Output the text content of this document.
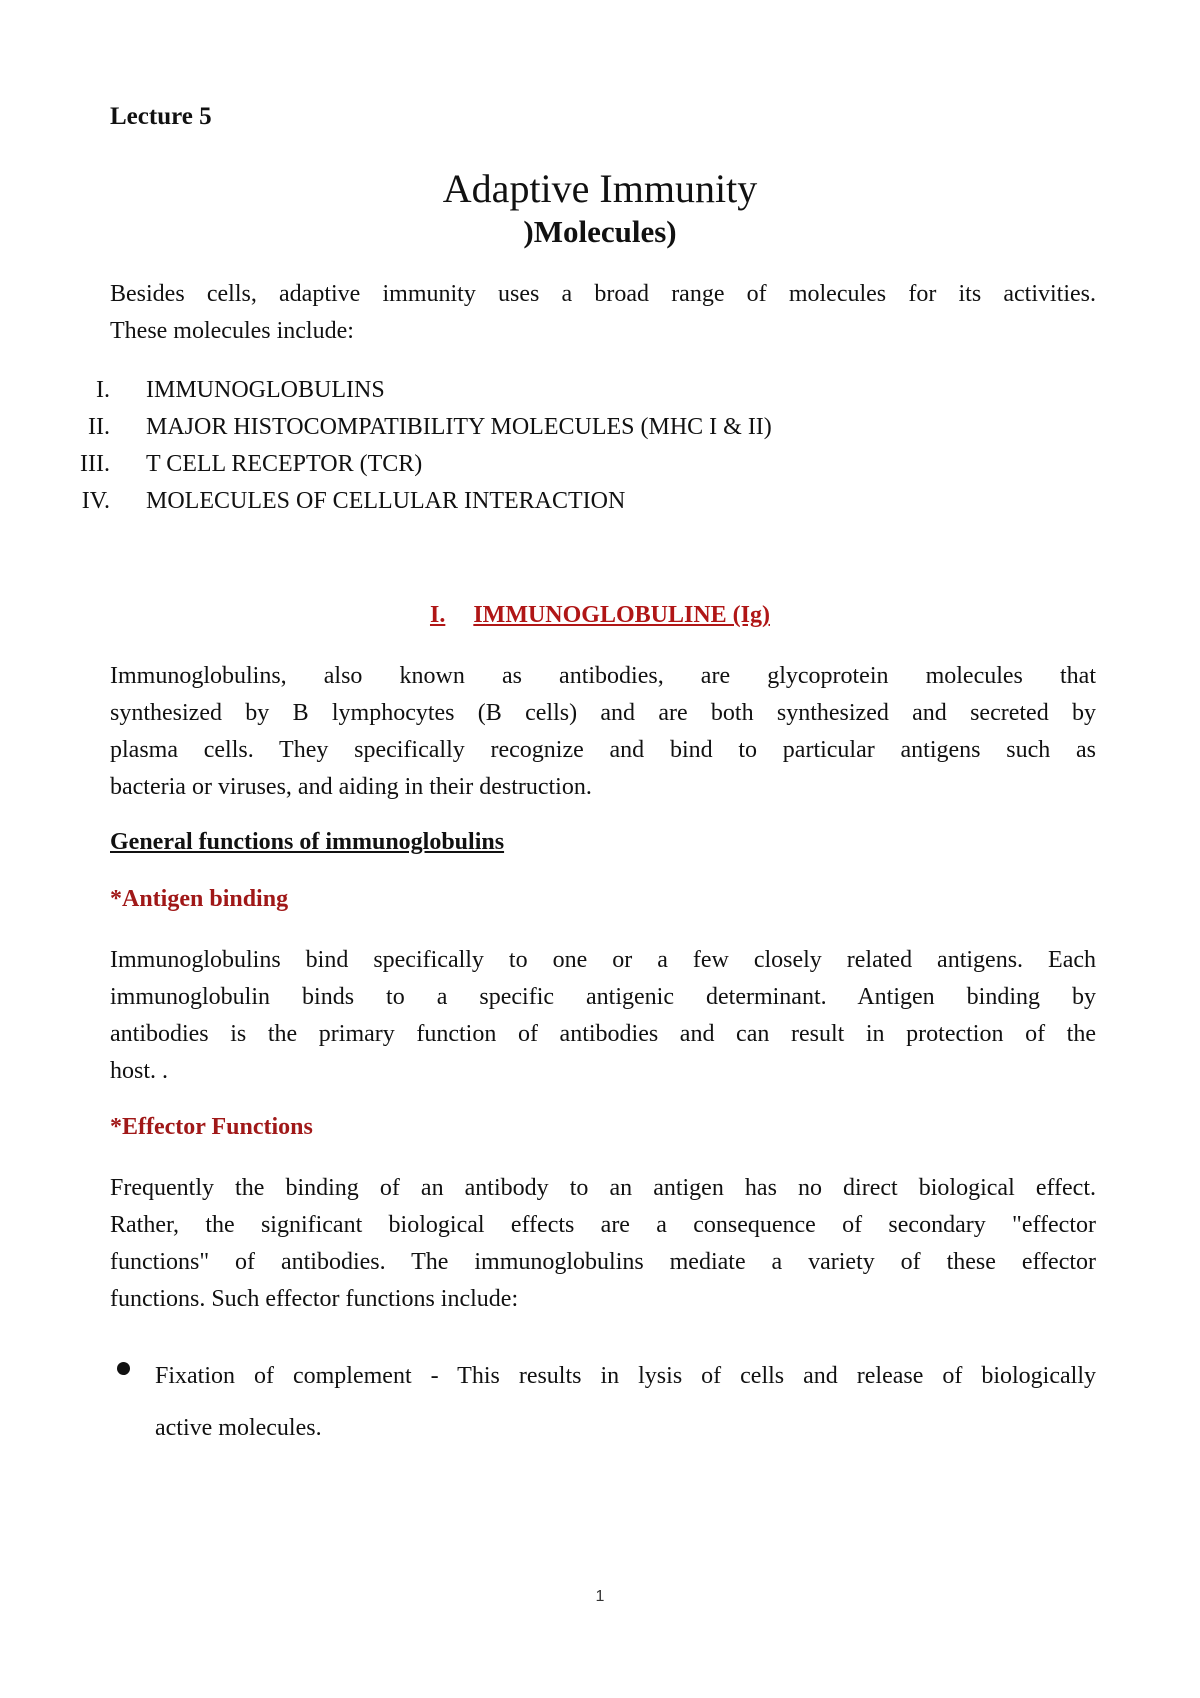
Lecture 5
Adaptive Immunity
)Molecules)
Besides cells, adaptive immunity uses a broad range of molecules for its activities.
These molecules include:
I. IMMUNOGLOBULINS
II. MAJOR HISTOCOMPATIBILITY MOLECULES (MHC I & II)
III. T CELL RECEPTOR (TCR)
IV. MOLECULES OF CELLULAR INTERACTION
I. IMMUNOGLOBULINE (Ig)
Immunoglobulins, also known as antibodies, are glycoprotein molecules that
synthesized by B lymphocytes (B cells) and are both synthesized and secreted by
plasma cells. They specifically recognize and bind to particular antigens such as
bacteria or viruses, and aiding in their destruction.
General functions of immunoglobulins
*Antigen binding
Immunoglobulins bind specifically to one or a few closely related antigens. Each
immunoglobulin binds to a specific antigenic determinant. Antigen binding by
antibodies is the primary function of antibodies and can result in protection of the
host. .
*Effector Functions
Frequently the binding of an antibody to an antigen has no direct biological effect.
Rather, the significant biological effects are a consequence of secondary "effector
functions" of antibodies. The immunoglobulins mediate a variety of these effector
functions. Such effector functions include:
Fixation of complement - This results in lysis of cells and release of biologically
active molecules.
1
